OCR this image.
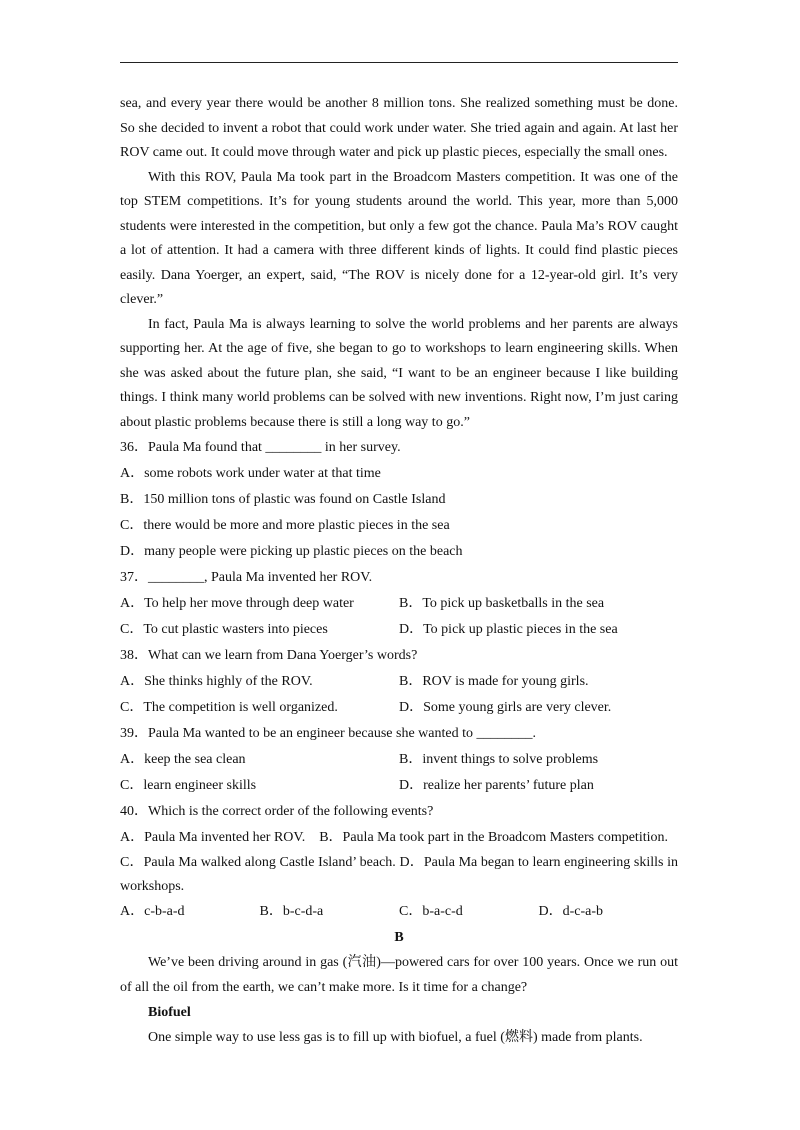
sea, and every year there would be another 8 million tons. She realized something must be done. So she decided to invent a robot that could work under water. She tried again and again. At last her ROV came out. It could move through water and pick up plastic pieces, especially the small ones.

With this ROV, Paula Ma took part in the Broadcom Masters competition. It was one of the top STEM competitions. It’s for young students around the world. This year, more than 5,000 students were interested in the competition, but only a few got the chance. Paula Ma’s ROV caught a lot of attention. It had a camera with three different kinds of lights. It could find plastic pieces easily. Dana Yoerger, an expert, said, “The ROV is nicely done for a 12-year-old girl. It’s very clever.”

In fact, Paula Ma is always learning to solve the world problems and her parents are always supporting her. At the age of five, she began to go to workshops to learn engineering skills. When she was asked about the future plan, she said, “I want to be an engineer because I like building things. I think many world problems can be solved with new inventions. Right now, I’m just caring about plastic problems because there is still a long way to go.”

36．Paula Ma found that ________ in her survey.
A．some robots work under water at that time
B．150 million tons of plastic was found on Castle Island
C．there would be more and more plastic pieces in the sea
D．many people were picking up plastic pieces on the beach
37．________, Paula Ma invented her ROV.
A．To help her move through deep water	B．To pick up basketballs in the sea
C．To cut plastic wasters into pieces	D．To pick up plastic pieces in the sea
38．What can we learn from Dana Yoerger’s words?
A．She thinks highly of the ROV.	B．ROV is made for young girls.
C．The competition is well organized.	D．Some young girls are very clever.
39．Paula Ma wanted to be an engineer because she wanted to ________.
A．keep the sea clean	B．invent things to solve problems
C．learn engineer skills	D．realize her parents’ future plan
40．Which is the correct order of the following events?
A．Paula Ma invented her ROV.　B．Paula Ma took part in the Broadcom Masters competition.

C．Paula Ma walked along Castle Island’ beach. D．Paula Ma began to learn engineering skills in workshops.

A．c-b-a-d	B．b-c-d-a	C．b-a-c-d	D．d-c-a-b
B

We’ve been driving around in gas (汽油)—powered cars for over 100 years. Once we run out of all the oil from the earth, we can’t make more. Is it time for a change?

Biofuel

One simple way to use less gas is to fill up with biofuel, a fuel (燃料) made from plants.
